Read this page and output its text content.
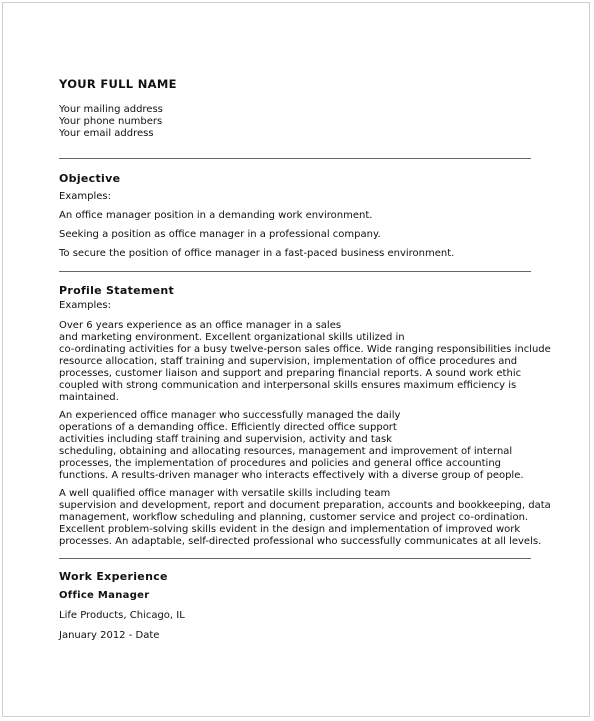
YOUR FULL NAME
Your mailing address
Your phone numbers
Your email address
Objective
Examples:
An office manager position in a demanding work environment.
Seeking a position as office manager in a professional company.
To secure the position of office manager in a fast-paced business environment.
Profile Statement
Examples:
Over 6 years experience as an office manager in a sales
and marketing environment. Excellent organizational skills utilized in
co-ordinating activities for a busy twelve-person sales office. Wide ranging responsibilities include
resource allocation, staff training and supervision, implementation of office procedures and
processes, customer liaison and support and preparing financial reports. A sound work ethic
coupled with strong communication and interpersonal skills ensures maximum efficiency is
maintained.
An experienced office manager who successfully managed the daily
operations of a demanding office. Efficiently directed office support
activities including staff training and supervision, activity and task
scheduling, obtaining and allocating resources, management and improvement of internal
processes, the implementation of procedures and policies and general office accounting
functions. A results-driven manager who interacts effectively with a diverse group of people.
A well qualified office manager with versatile skills including team
supervision and development, report and document preparation, accounts and bookkeeping, data
management, workflow scheduling and planning, customer service and project co-ordination.
Excellent problem-solving skills evident in the design and implementation of improved work
processes. An adaptable, self-directed professional who successfully communicates at all levels.
Work Experience
Office Manager
Life Products, Chicago, IL
January 2012 - Date
